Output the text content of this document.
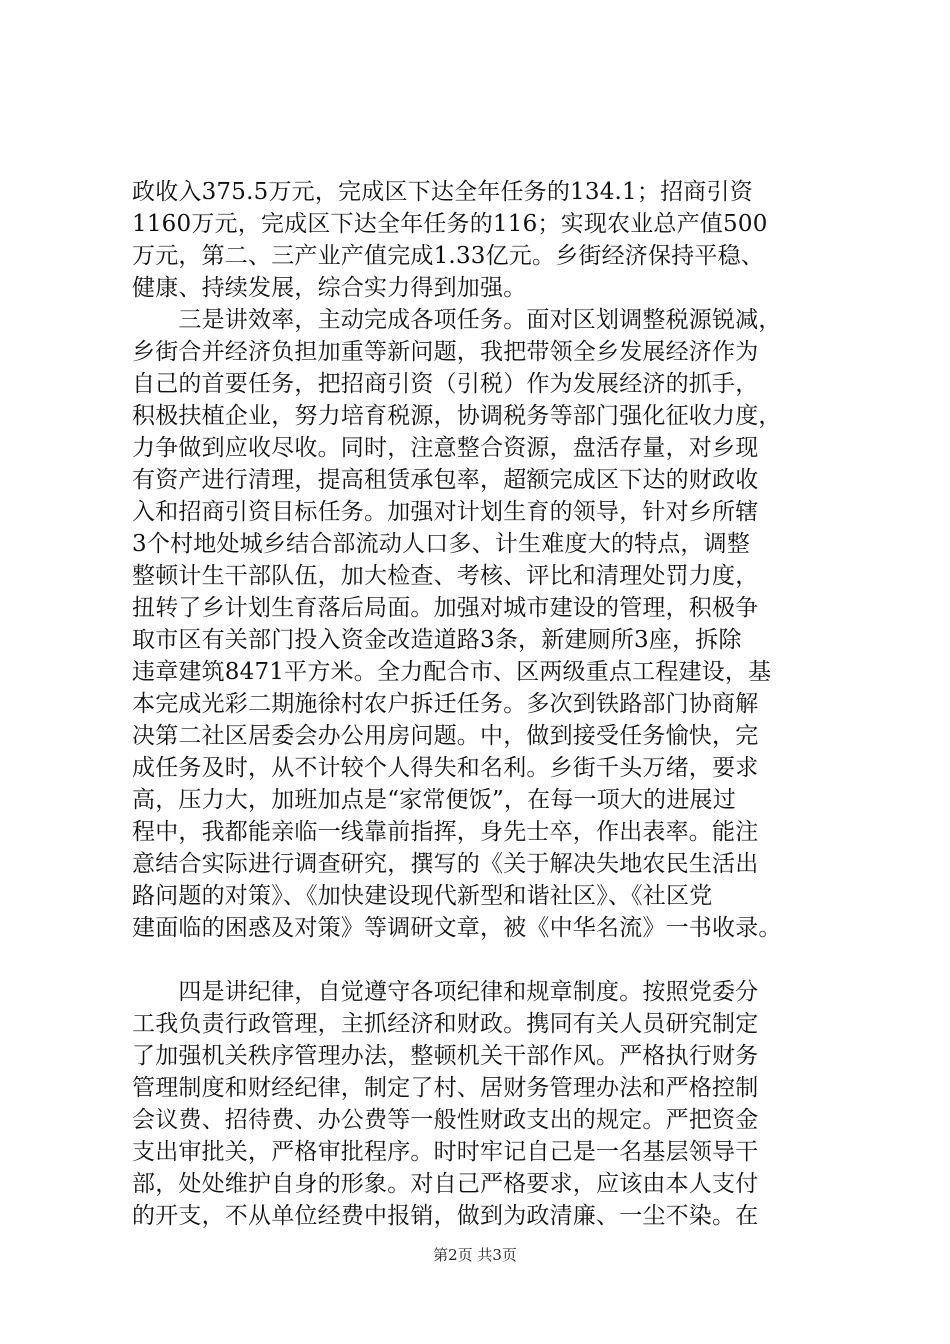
政收入375.5万元，完成区下达全年任务的134.1；招商引资
1160万元，完成区下达全年任务的116；实现农业总产值500
万元，第二、三产业产值完成1.33亿元。乡街经济保持平稳、
健康、持续发展，综合实力得到加强。
　　三是讲效率，主动完成各项任务。面对区划调整税源锐减，
乡街合并经济负担加重等新问题，我把带领全乡发展经济作为
自己的首要任务，把招商引资（引税）作为发展经济的抓手，
积极扶植企业，努力培育税源，协调税务等部门强化征收力度，
力争做到应收尽收。同时，注意整合资源，盘活存量，对乡现
有资产进行清理，提高租赁承包率，超额完成区下达的财政收
入和招商引资目标任务。加强对计划生育的领导，针对乡所辖
3个村地处城乡结合部流动人口多、计生难度大的特点，调整
整顿计生干部队伍，加大检查、考核、评比和清理处罚力度，
扭转了乡计划生育落后局面。加强对城市建设的管理，积极争
取市区有关部门投入资金改造道路3条，新建厕所3座，拆除
违章建筑8471平方米。全力配合市、区两级重点工程建设，基
本完成光彩二期施徐村农户拆迁任务。多次到铁路部门协商解
决第二社区居委会办公用房问题。中，做到接受任务愉快，完
成任务及时，从不计较个人得失和名利。乡街千头万绪，要求
高，压力大，加班加点是“家常便饭”，在每一项大的进展过
程中，我都能亲临一线靠前指挥，身先士卒，作出表率。能注
意结合实际进行调查研究，撰写的《关于解决失地农民生活出
路问题的对策》、《加快建设现代新型和谐社区》、《社区党
建面临的困惑及对策》等调研文章，被《中华名流》一书收录。
　　四是讲纪律，自觉遵守各项纪律和规章制度。按照党委分
工我负责行政管理，主抓经济和财政。携同有关人员研究制定
了加强机关秩序管理办法，整顿机关干部作风。严格执行财务
管理制度和财经纪律，制定了村、居财务管理办法和严格控制
会议费、招待费、办公费等一般性财政支出的规定。严把资金
支出审批关，严格审批程序。时时牢记自己是一名基层领导干
部，处处维护自身的形象。对自己严格要求，应该由本人支付
的开支，不从单位经费中报销，做到为政清廉、一尘不染。在
第2页 共3页
